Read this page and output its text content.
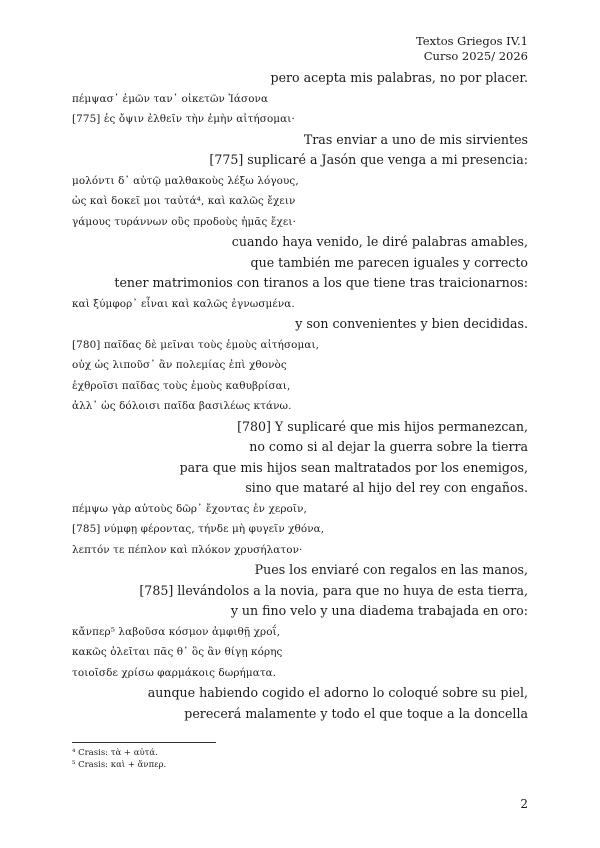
Textos Griegos IV.1
Curso 2025/ 2026
pero acepta mis palabras, no por placer.
πέμψασ᾽ ἐμῶν ταν᾽ οἰκετῶν Ἰάσονα
[775] ἐς ὄψιν ἐλθεῖν τὴν ἐμὴν αἰτήσομαι·
Tras enviar a uno de mis sirvientes
[775] suplicaré a Jasón que venga a mi presencia:
μολόντι δ᾽ αὐτῷ μαλθακοὺς λέξω λόγους,
ὡς καὶ δοκεῖ μοι ταὐτά⁴, καὶ καλῶς ἔχειν
γάμους τυράννων οὓς προδοὺς ἡμᾶς ἔχει·
cuando haya venido, le diré palabras amables,
que también me parecen iguales y correcto
tener matrimonios con tiranos a los que tiene tras traicionarnos:
καὶ ξύμφορ᾽ εἶναι καὶ καλῶς ἐγνωσμένα.
y son convenientes y bien decididas.
[780] παῖδας δὲ μεῖναι τοὺς ἐμοὺς αἰτήσομαι,
οὐχ ὡς λιποῦσ᾽ ἂν πολεμίας ἐπὶ χθονὸς
ἐχθροῖσι παῖδας τοὺς ἐμοὺς καθυβρίσαι,
ἀλλ᾽ ὡς δόλοισι παῖδα βασιλέως κτάνω.
[780] Y suplicaré que mis hijos permanezcan,
no como si al dejar la guerra sobre la tierra
para que mis hijos sean maltratados por los enemigos,
sino que mataré al hijo del rey con engaños.
πέμψω γὰρ αὐτοὺς δῶρ᾽ ἔχοντας ἐν χεροῖν,
[785] νύμφῃ φέροντας, τήνδε μὴ φυγεῖν χθόνα,
λεπτόν τε πέπλον καὶ πλόκον χρυσήλατον·
Pues los enviaré con regalos en las manos,
[785] llevándolos a la novia, para que no huya de esta tierra,
y un fino velo y una diadema trabajada en oro:
κἄνπερ⁵ λαβοῦσα κόσμον ἀμφιθῇ χροΐ,
κακῶς ὀλεῖται πᾶς θ᾽ ὃς ἂν θίγῃ κόρης
τοιοῖσδε χρίσω φαρμάκοις δωρήματα.
aunque habiendo cogido el adorno lo coloqué sobre su piel,
perecerá malamente y todo el que toque a la doncella
⁴ Crasis: τὰ + αὐτά.
⁵ Crasis: καὶ + ἄνπερ.
2
